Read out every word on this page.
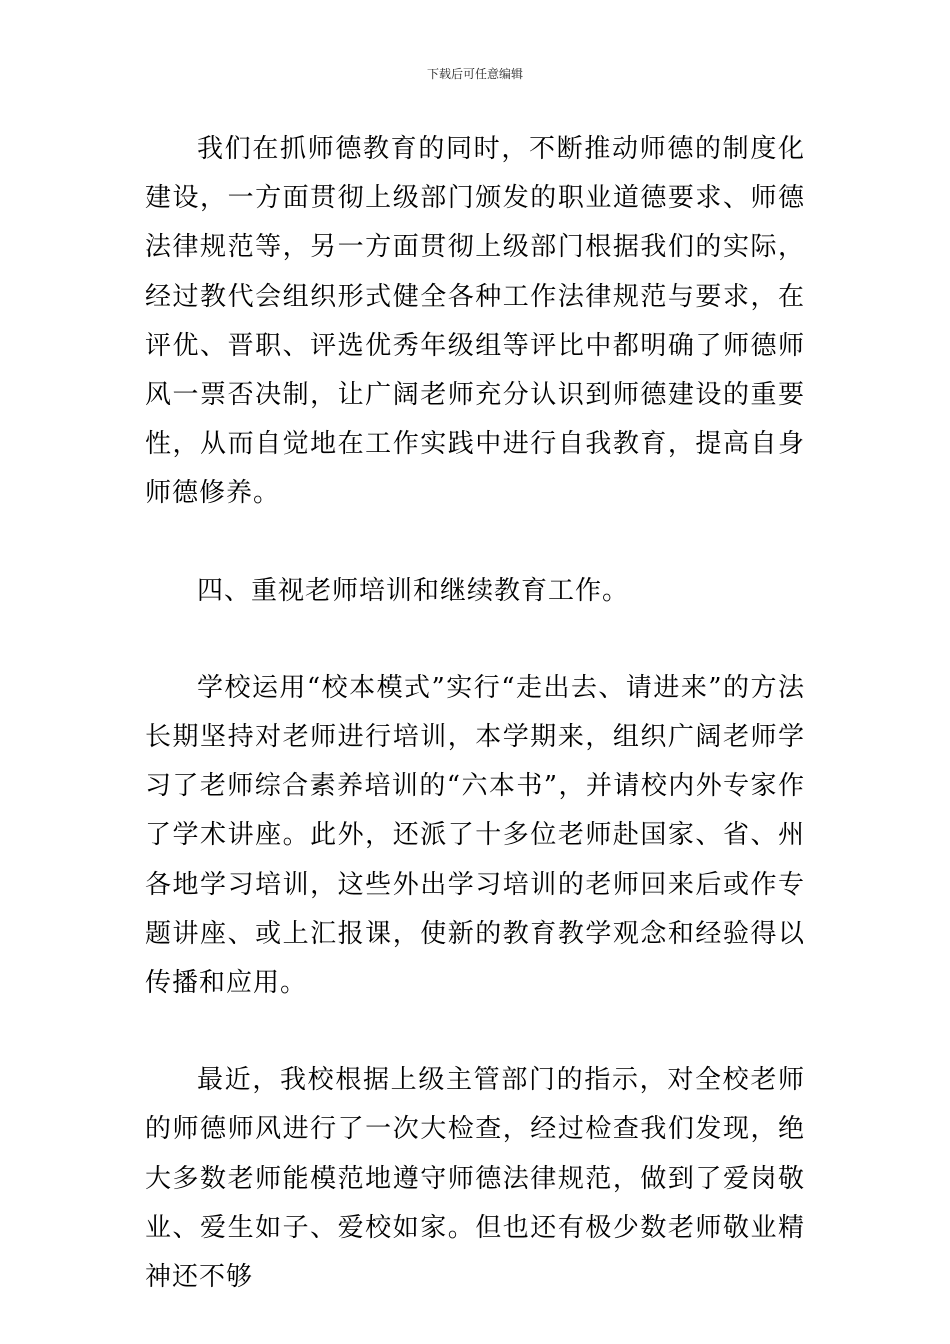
下载后可任意编辑

我们在抓师德教育的同时，不断推动师德的制度化建设，一方面贯彻上级部门颁发的职业道德要求、师德法律规范等，另一方面贯彻上级部门根据我们的实际，经过教代会组织形式健全各种工作法律规范与要求，在评优、晋职、评选优秀年级组等评比中都明确了师德师风一票否决制，让广阔老师充分认识到师德建设的重要性，从而自觉地在工作实践中进行自我教育，提高自身师德修养。

四、重视老师培训和继续教育工作。

学校运用“校本模式”实行“走出去、请进来”的方法长期坚持对老师进行培训，本学期来，组织广阔老师学习了老师综合素养培训的“六本书”，并请校内外专家作了学术讲座。此外，还派了十多位老师赴国家、省、州各地学习培训，这些外出学习培训的老师回来后或作专题讲座、或上汇报课，使新的教育教学观念和经验得以传播和应用。

最近，我校根据上级主管部门的指示，对全校老师的师德师风进行了一次大检查，经过检查我们发现，绝大多数老师能模范地遵守师德法律规范，做到了爱岗敬业、爱生如子、爱校如家。但也还有极少数老师敬业精神还不够
